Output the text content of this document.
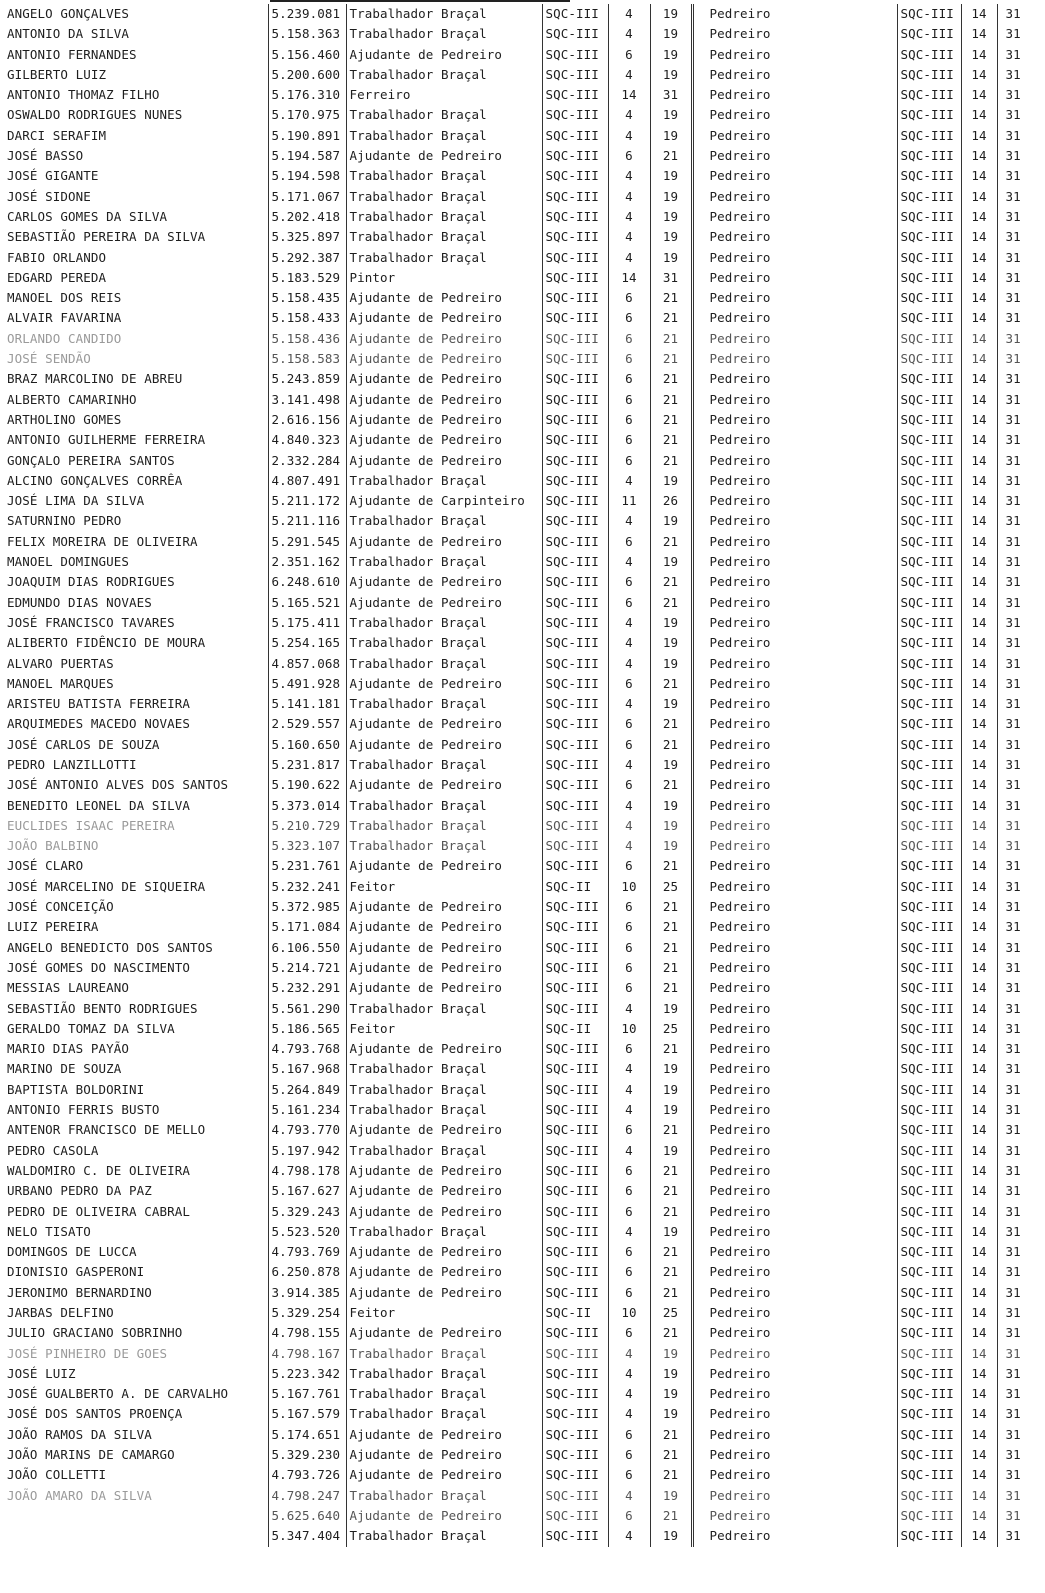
ANGELO GONÇALVES	5.239.081	Trabalhador Braçal	SQC-III	4	19	Pedreiro	SQC-III	14	31
ANTONIO DA SILVA	5.158.363	Trabalhador Braçal	SQC-III	4	19	Pedreiro	SQC-III	14	31
ANTONIO FERNANDES	5.156.460	Ajudante de Pedreiro	SQC-III	6	19	Pedreiro	SQC-III	14	31
GILBERTO LUIZ	5.200.600	Trabalhador Braçal	SQC-III	4	19	Pedreiro	SQC-III	14	31
ANTONIO THOMAZ FILHO	5.176.310	Ferreiro	SQC-III	14	31	Pedreiro	SQC-III	14	31
OSWALDO RODRIGUES NUNES	5.170.975	Trabalhador Braçal	SQC-III	4	19	Pedreiro	SQC-III	14	31
DARCI SERAFIM	5.190.891	Trabalhador Braçal	SQC-III	4	19	Pedreiro	SQC-III	14	31
JOSÉ BASSO	5.194.587	Ajudante de Pedreiro	SQC-III	6	21	Pedreiro	SQC-III	14	31
JOSÉ GIGANTE	5.194.598	Trabalhador Braçal	SQC-III	4	19	Pedreiro	SQC-III	14	31
JOSÉ SIDONE	5.171.067	Trabalhador Braçal	SQC-III	4	19	Pedreiro	SQC-III	14	31
CARLOS GOMES DA SILVA	5.202.418	Trabalhador Braçal	SQC-III	4	19	Pedreiro	SQC-III	14	31
SEBASTIÃO PEREIRA DA SILVA	5.325.897	Trabalhador Braçal	SQC-III	4	19	Pedreiro	SQC-III	14	31
FABIO ORLANDO	5.292.387	Trabalhador Braçal	SQC-III	4	19	Pedreiro	SQC-III	14	31
EDGARD PEREDA	5.183.529	Pintor	SQC-III	14	31	Pedreiro	SQC-III	14	31
MANOEL DOS REIS	5.158.435	Ajudante de Pedreiro	SQC-III	6	21	Pedreiro	SQC-III	14	31
ALVAIR FAVARINA	5.158.433	Ajudante de Pedreiro	SQC-III	6	21	Pedreiro	SQC-III	14	31
ORLANDO CANDIDO	5.158.436	Ajudante de Pedreiro	SQC-III	6	21	Pedreiro	SQC-III	14	31
JOSÉ SENDÃO	5.158.583	Ajudante de Pedreiro	SQC-III	6	21	Pedreiro	SQC-III	14	31
BRAZ MARCOLINO DE ABREU	5.243.859	Ajudante de Pedreiro	SQC-III	6	21	Pedreiro	SQC-III	14	31
ALBERTO CAMARINHO	3.141.498	Ajudante de Pedreiro	SQC-III	6	21	Pedreiro	SQC-III	14	31
ARTHOLINO GOMES	2.616.156	Ajudante de Pedreiro	SQC-III	6	21	Pedreiro	SQC-III	14	31
ANTONIO GUILHERME FERREIRA	4.840.323	Ajudante de Pedreiro	SQC-III	6	21	Pedreiro	SQC-III	14	31
GONÇALO PEREIRA SANTOS	2.332.284	Ajudante de Pedreiro	SQC-III	6	21	Pedreiro	SQC-III	14	31
ALCINO GONÇALVES CORRÊA	4.807.491	Trabalhador Braçal	SQC-III	4	19	Pedreiro	SQC-III	14	31
JOSÉ LIMA DA SILVA	5.211.172	Ajudante de Carpinteiro	SQC-III	11	26	Pedreiro	SQC-III	14	31
SATURNINO PEDRO	5.211.116	Trabalhador Braçal	SQC-III	4	19	Pedreiro	SQC-III	14	31
FELIX MOREIRA DE OLIVEIRA	5.291.545	Ajudante de Pedreiro	SQC-III	6	21	Pedreiro	SQC-III	14	31
MANOEL DOMINGUES	2.351.162	Trabalhador Braçal	SQC-III	4	19	Pedreiro	SQC-III	14	31
JOAQUIM DIAS RODRIGUES	6.248.610	Ajudante de Pedreiro	SQC-III	6	21	Pedreiro	SQC-III	14	31
EDMUNDO DIAS NOVAES	5.165.521	Ajudante de Pedreiro	SQC-III	6	21	Pedreiro	SQC-III	14	31
JOSÉ FRANCISCO TAVARES	5.175.411	Trabalhador Braçal	SQC-III	4	19	Pedreiro	SQC-III	14	31
ALIBERTO FIDÊNCIO DE MOURA	5.254.165	Trabalhador Braçal	SQC-III	4	19	Pedreiro	SQC-III	14	31
ALVARO PUERTAS	4.857.068	Trabalhador Braçal	SQC-III	4	19	Pedreiro	SQC-III	14	31
MANOEL MARQUES	5.491.928	Ajudante de Pedreiro	SQC-III	6	21	Pedreiro	SQC-III	14	31
ARISTEU BATISTA FERREIRA	5.141.181	Trabalhador Braçal	SQC-III	4	19	Pedreiro	SQC-III	14	31
ARQUIMEDES MACEDO NOVAES	2.529.557	Ajudante de Pedreiro	SQC-III	6	21	Pedreiro	SQC-III	14	31
JOSÉ CARLOS DE SOUZA	5.160.650	Ajudante de Pedreiro	SQC-III	6	21	Pedreiro	SQC-III	14	31
PEDRO LANZILLOTTI	5.231.817	Trabalhador Braçal	SQC-III	4	19	Pedreiro	SQC-III	14	31
JOSÉ ANTONIO ALVES DOS SANTOS	5.190.622	Ajudante de Pedreiro	SQC-III	6	21	Pedreiro	SQC-III	14	31
BENEDITO LEONEL DA SILVA	5.373.014	Trabalhador Braçal	SQC-III	4	19	Pedreiro	SQC-III	14	31
EUCLIDES ISAAC PEREIRA	5.210.729	Trabalhador Braçal	SQC-III	4	19	Pedreiro	SQC-III	14	31
JOÃO BALBINO	5.323.107	Trabalhador Braçal	SQC-III	4	19	Pedreiro	SQC-III	14	31
JOSÉ CLARO	5.231.761	Ajudante de Pedreiro	SQC-III	6	21	Pedreiro	SQC-III	14	31
JOSÉ MARCELINO DE SIQUEIRA	5.232.241	Feitor	SQC-II	10	25	Pedreiro	SQC-III	14	31
JOSÉ CONCEIÇÃO	5.372.985	Ajudante de Pedreiro	SQC-III	6	21	Pedreiro	SQC-III	14	31
LUIZ PEREIRA	5.171.084	Ajudante de Pedreiro	SQC-III	6	21	Pedreiro	SQC-III	14	31
ANGELO BENEDICTO DOS SANTOS	6.106.550	Ajudante de Pedreiro	SQC-III	6	21	Pedreiro	SQC-III	14	31
JOSÉ GOMES DO NASCIMENTO	5.214.721	Ajudante de Pedreiro	SQC-III	6	21	Pedreiro	SQC-III	14	31
MESSIAS LAUREANO	5.232.291	Ajudante de Pedreiro	SQC-III	6	21	Pedreiro	SQC-III	14	31
SEBASTIÃO BENTO RODRIGUES	5.561.290	Trabalhador Braçal	SQC-III	4	19	Pedreiro	SQC-III	14	31
GERALDO TOMAZ DA SILVA	5.186.565	Feitor	SQC-II	10	25	Pedreiro	SQC-III	14	31
MARIO DIAS PAYÃO	4.793.768	Ajudante de Pedreiro	SQC-III	6	21	Pedreiro	SQC-III	14	31
MARINO DE SOUZA	5.167.968	Trabalhador Braçal	SQC-III	4	19	Pedreiro	SQC-III	14	31
BAPTISTA BOLDORINI	5.264.849	Trabalhador Braçal	SQC-III	4	19	Pedreiro	SQC-III	14	31
ANTONIO FERRIS BUSTO	5.161.234	Trabalhador Braçal	SQC-III	4	19	Pedreiro	SQC-III	14	31
ANTENOR FRANCISCO DE MELLO	4.793.770	Ajudante de Pedreiro	SQC-III	6	21	Pedreiro	SQC-III	14	31
PEDRO CASOLA	5.197.942	Trabalhador Braçal	SQC-III	4	19	Pedreiro	SQC-III	14	31
WALDOMIRO C. DE OLIVEIRA	4.798.178	Ajudante de Pedreiro	SQC-III	6	21	Pedreiro	SQC-III	14	31
URBANO PEDRO DA PAZ	5.167.627	Ajudante de Pedreiro	SQC-III	6	21	Pedreiro	SQC-III	14	31
PEDRO DE OLIVEIRA CABRAL	5.329.243	Ajudante de Pedreiro	SQC-III	6	21	Pedreiro	SQC-III	14	31
NELO TISATO	5.523.520	Trabalhador Braçal	SQC-III	4	19	Pedreiro	SQC-III	14	31
DOMINGOS DE LUCCA	4.793.769	Ajudante de Pedreiro	SQC-III	6	21	Pedreiro	SQC-III	14	31
DIONISIO GASPERONI	6.250.878	Ajudante de Pedreiro	SQC-III	6	21	Pedreiro	SQC-III	14	31
JERONIMO BERNARDINO	3.914.385	Ajudante de Pedreiro	SQC-III	6	21	Pedreiro	SQC-III	14	31
JARBAS DELFINO	5.329.254	Feitor	SQC-II	10	25	Pedreiro	SQC-III	14	31
JULIO GRACIANO SOBRINHO	4.798.155	Ajudante de Pedreiro	SQC-III	6	21	Pedreiro	SQC-III	14	31
JOSÉ PINHEIRO DE GOES	4.798.167	Trabalhador Braçal	SQC-III	4	19	Pedreiro	SQC-III	14	31
JOSÉ LUIZ	5.223.342	Trabalhador Braçal	SQC-III	4	19	Pedreiro	SQC-III	14	31
JOSÉ GUALBERTO A. DE CARVALHO	5.167.761	Trabalhador Braçal	SQC-III	4	19	Pedreiro	SQC-III	14	31
JOSÉ DOS SANTOS PROENÇA	5.167.579	Trabalhador Braçal	SQC-III	4	19	Pedreiro	SQC-III	14	31
JOÃO RAMOS DA SILVA	5.174.651	Ajudante de Pedreiro	SQC-III	6	21	Pedreiro	SQC-III	14	31
JOÃO MARINS DE CAMARGO	5.329.230	Ajudante de Pedreiro	SQC-III	6	21	Pedreiro	SQC-III	14	31
JOÃO COLLETTI	4.793.726	Ajudante de Pedreiro	SQC-III	6	21	Pedreiro	SQC-III	14	31
JOÃO AMARO DA SILVA	4.798.247	Trabalhador Braçal	SQC-III	4	19	Pedreiro	SQC-III	14	31
	5.625.640	Ajudante de Pedreiro	SQC-III	6	21	Pedreiro	SQC-III	14	31
	5.347.404	Trabalhador Braçal	SQC-III	4	19	Pedreiro	SQC-III	14	31
